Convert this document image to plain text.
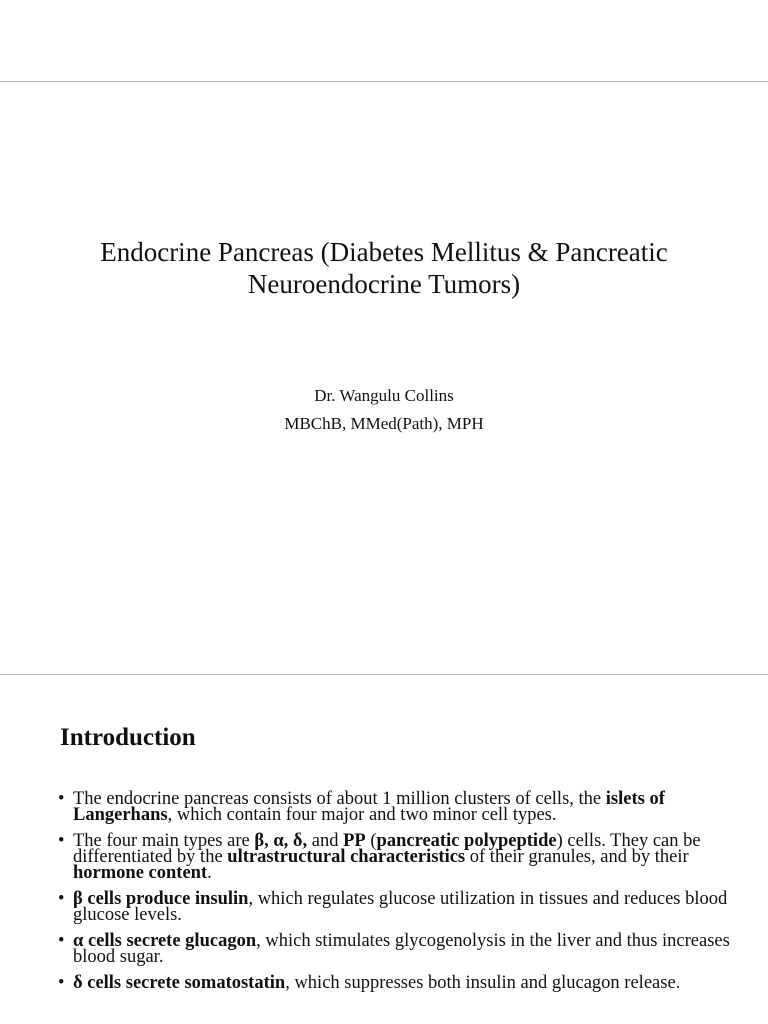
Endocrine Pancreas (Diabetes Mellitus & Pancreatic
Neuroendocrine Tumors)
Dr. Wangulu Collins
MBChB, MMed(Path), MPH
Introduction
• The endocrine pancreas consists of about 1 million clusters of cells, the islets of Langerhans, which contain four major and two minor cell types.
• The four main types are β, α, δ, and PP (pancreatic polypeptide) cells. They can be differentiated by the ultrastructural characteristics of their granules, and by their hormone content.
• β cells produce insulin, which regulates glucose utilization in tissues and reduces blood glucose levels.
• α cells secrete glucagon, which stimulates glycogenolysis in the liver and thus increases blood sugar.
• δ cells secrete somatostatin, which suppresses both insulin and glucagon release.
